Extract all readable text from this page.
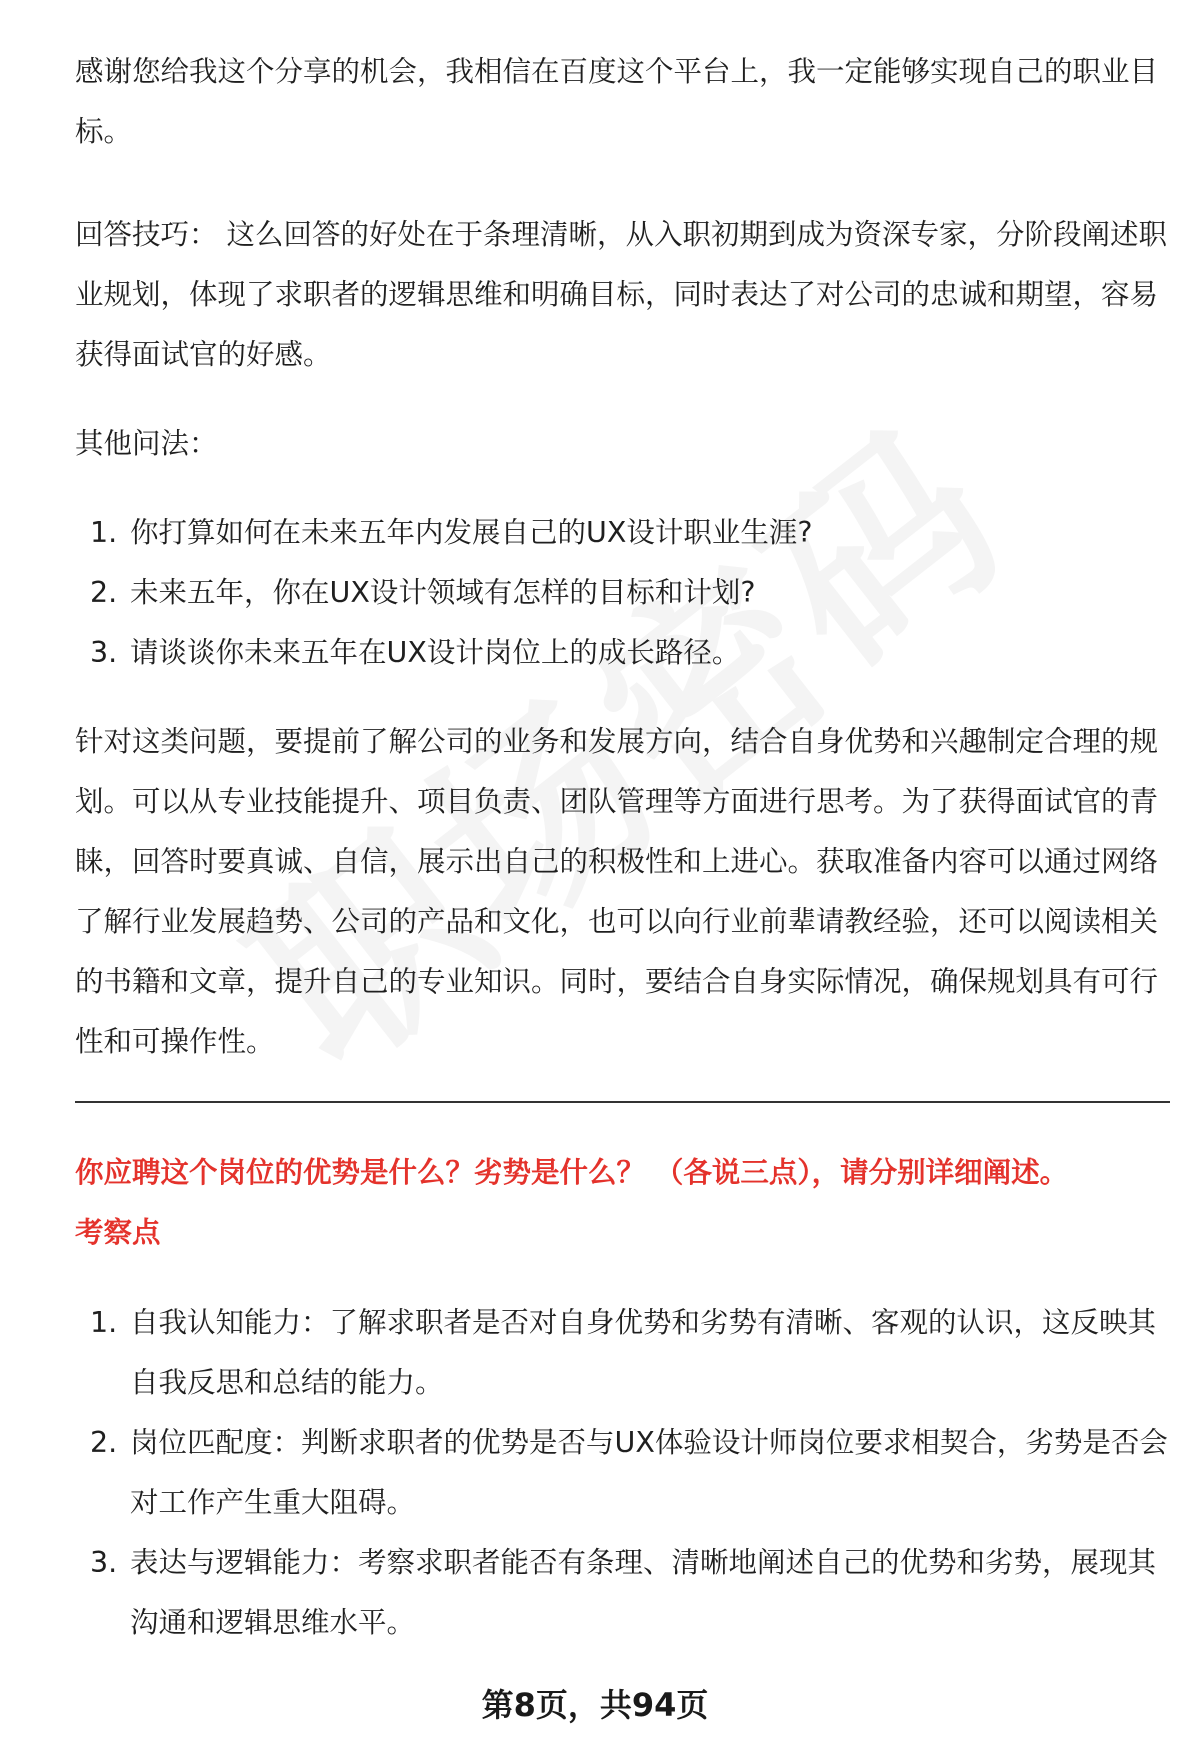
感谢您给我这个分享的机会，我相信在百度这个平台上，我一定能够实现自己的职业目标。

回答技巧： 这么回答的好处在于条理清晰，从入职初期到成为资深专家，分阶段阐述职业规划，体现了求职者的逻辑思维和明确目标，同时表达了对公司的忠诚和期望，容易获得面试官的好感。

其他问法：

1. 你打算如何在未来五年内发展自己的UX设计职业生涯?
2. 未来五年，你在UX设计领域有怎样的目标和计划?
3. 请谈谈你未来五年在UX设计岗位上的成长路径。

针对这类问题，要提前了解公司的业务和发展方向，结合自身优势和兴趣制定合理的规划。可以从专业技能提升、项目负责、团队管理等方面进行思考。为了获得面试官的青睐，回答时要真诚、自信，展示出自己的积极性和上进心。获取准备内容可以通过网络了解行业发展趋势、公司的产品和文化，也可以向行业前辈请教经验，还可以阅读相关的书籍和文章，提升自己的专业知识。同时，要结合自身实际情况，确保规划具有可行性和可操作性。

你应聘这个岗位的优势是什么？劣势是什么？ （各说三点），请分别详细阐述。
考察点
1. 自我认知能力：了解求职者是否对自身优势和劣势有清晰、客观的认识，这反映其自我反思和总结的能力。
2. 岗位匹配度：判断求职者的优势是否与UX体验设计师岗位要求相契合，劣势是否会对工作产生重大阻碍。
3. 表达与逻辑能力：考察求职者能否有条理、清晰地阐述自己的优势和劣势，展现其沟通和逻辑思维水平。
第8页，共94页
